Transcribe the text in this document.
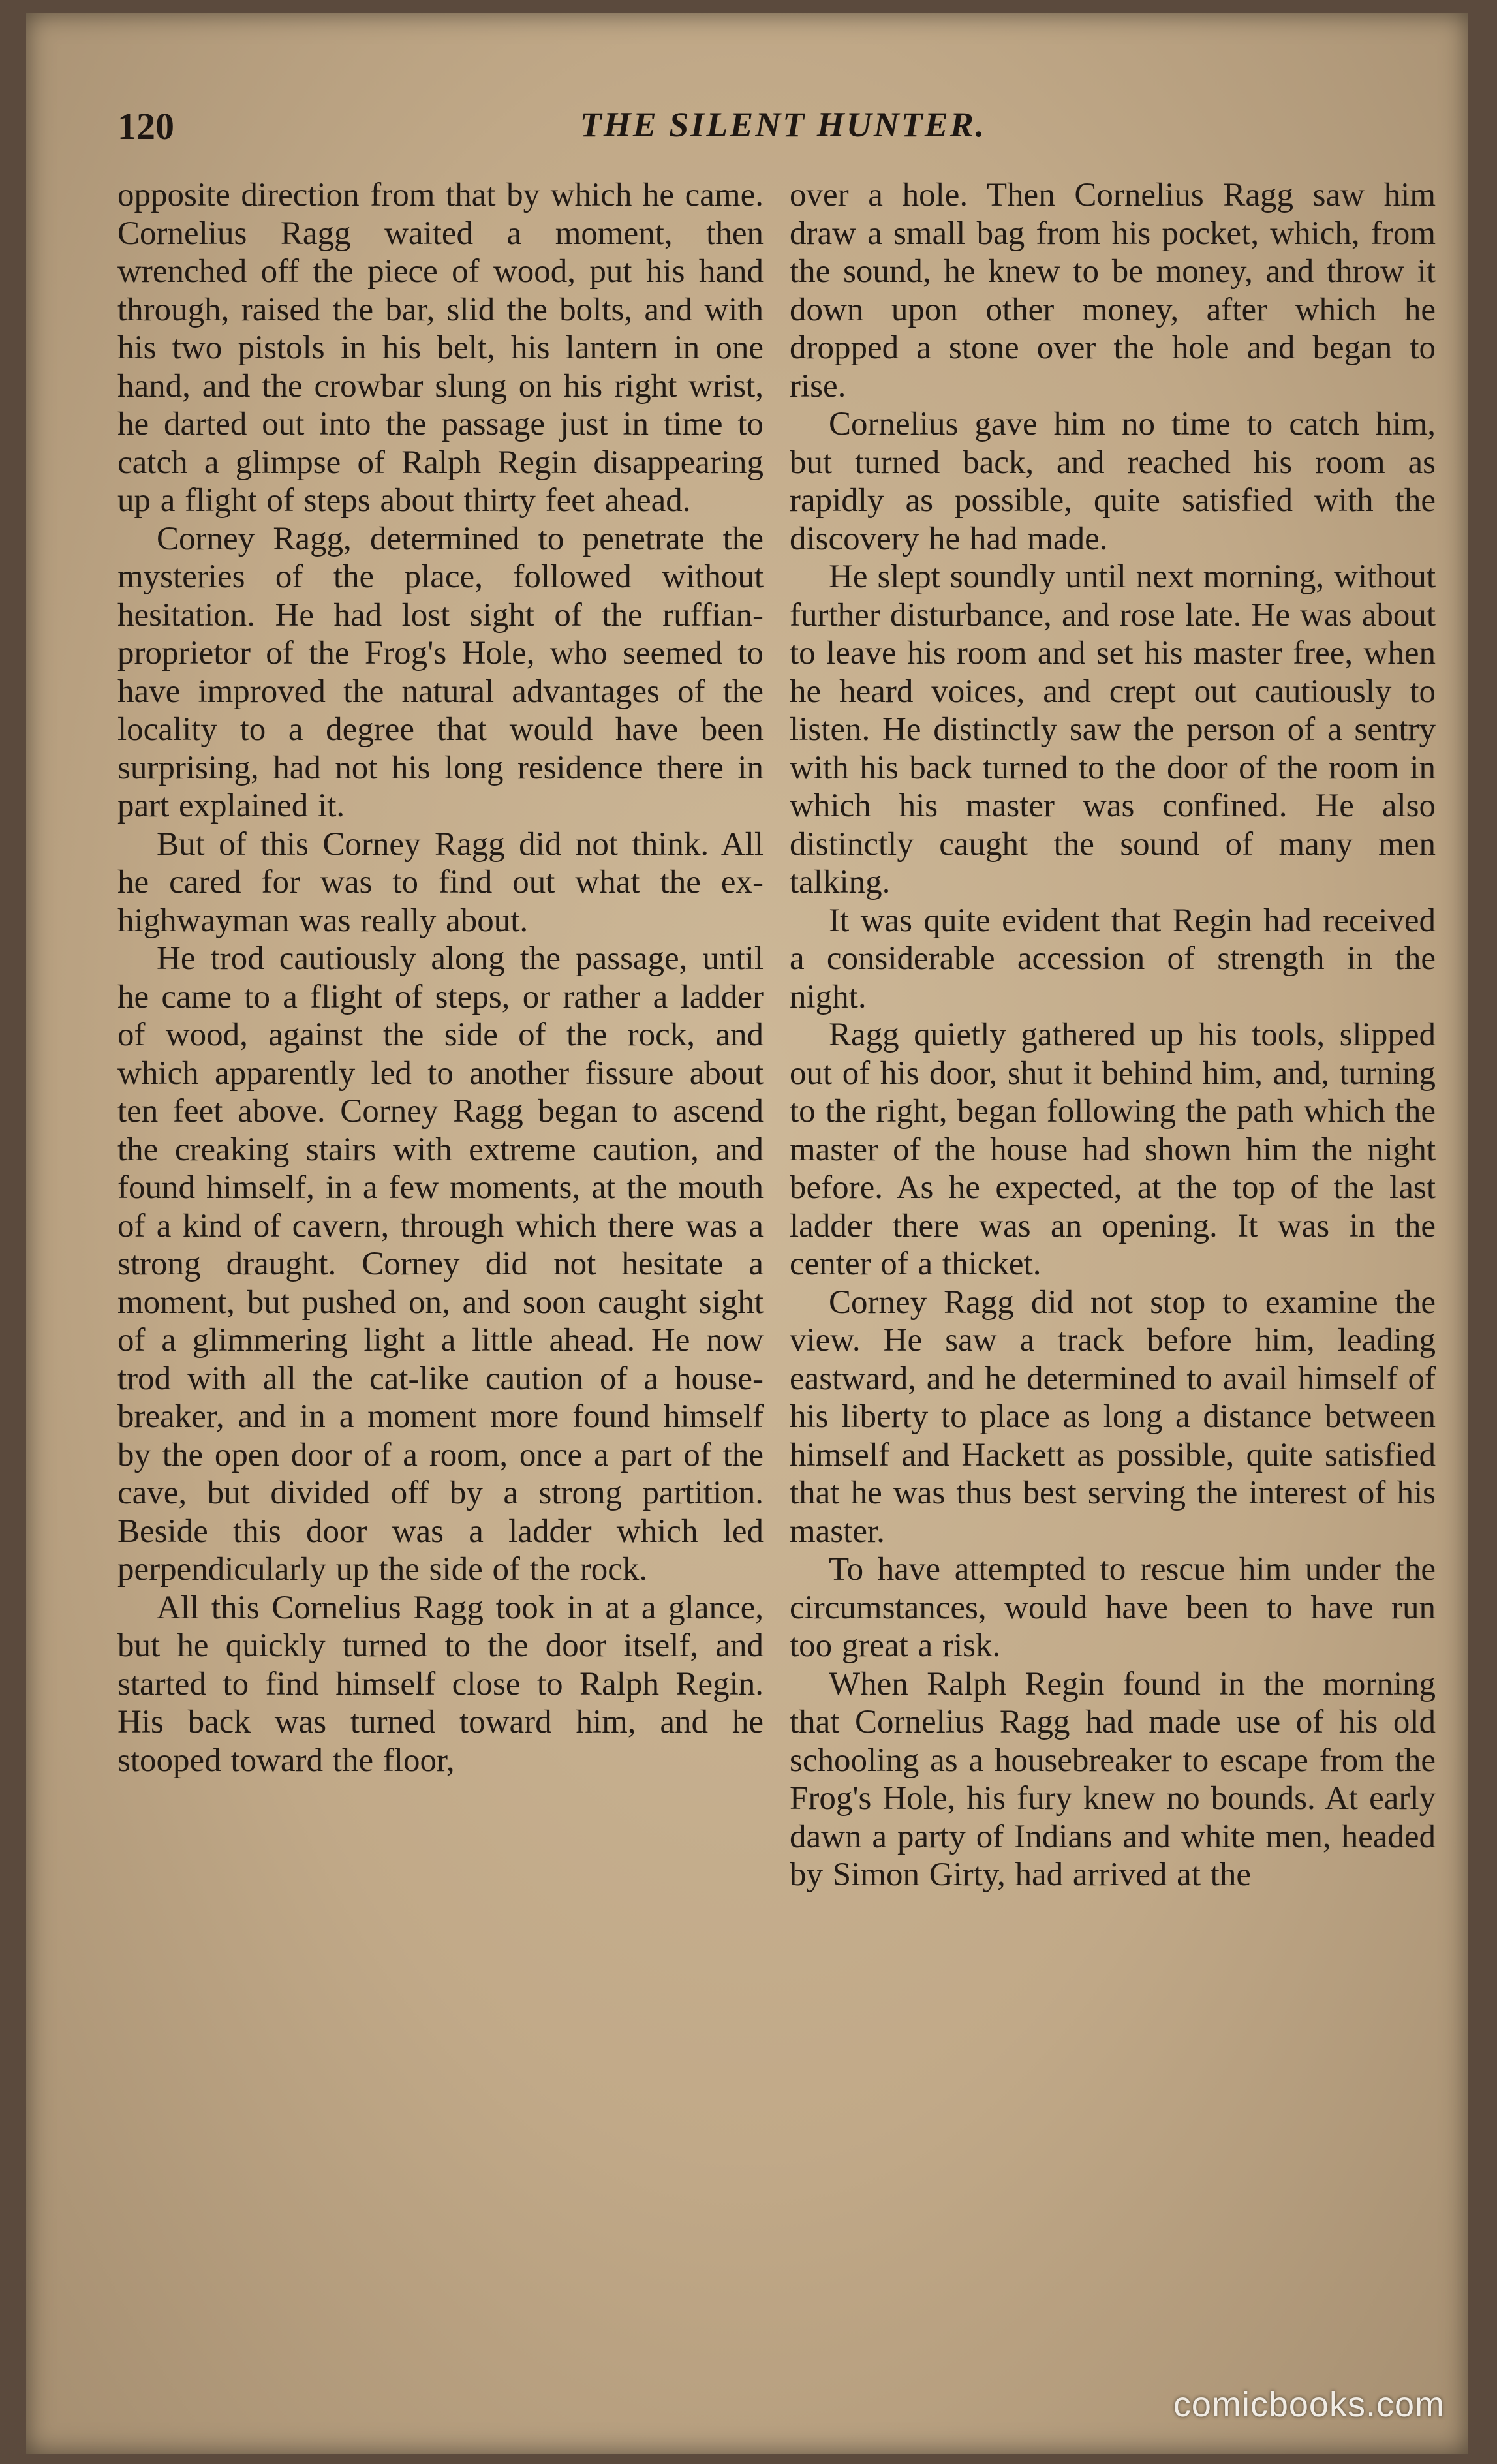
120	THE SILENT HUNTER.

opposite direction from that by which he came. Cornelius Ragg waited a moment, then wrenched off the piece of wood, put his hand through, raised the bar, slid the bolts, and with his two pistols in his belt, his lantern in one hand, and the crowbar slung on his right wrist, he darted out into the passage just in time to catch a glimpse of Ralph Regin disappearing up a flight of steps about thirty feet ahead.

Corney Ragg, determined to penetrate the mysteries of the place, followed without hesitation. He had lost sight of the ruffian-proprietor of the Frog's Hole, who seemed to have improved the natural advantages of the locality to a degree that would have been surprising, had not his long residence there in part explained it.

But of this Corney Ragg did not think. All he cared for was to find out what the ex-highwayman was really about.

He trod cautiously along the passage, until he came to a flight of steps, or rather a ladder of wood, against the side of the rock, and which apparently led to another fissure about ten feet above. Corney Ragg began to ascend the creaking stairs with extreme caution, and found himself, in a few moments, at the mouth of a kind of cavern, through which there was a strong draught. Corney did not hesitate a moment, but pushed on, and soon caught sight of a glimmering light a little ahead. He now trod with all the cat-like caution of a house-breaker, and in a moment more found himself by the open door of a room, once a part of the cave, but divided off by a strong partition. Beside this door was a ladder which led perpendicularly up the side of the rock.

All this Cornelius Ragg took in at a glance, but he quickly turned to the door itself, and started to find himself close to Ralph Regin. His back was turned toward him, and he stooped toward the floor,

over a hole. Then Cornelius Ragg saw him draw a small bag from his pocket, which, from the sound, he knew to be money, and throw it down upon other money, after which he dropped a stone over the hole and began to rise.

Cornelius gave him no time to catch him, but turned back, and reached his room as rapidly as possible, quite satisfied with the discovery he had made.

He slept soundly until next morning, without further disturbance, and rose late. He was about to leave his room and set his master free, when he heard voices, and crept out cautiously to listen. He distinctly saw the person of a sentry with his back turned to the door of the room in which his master was confined. He also distinctly caught the sound of many men talking.

It was quite evident that Regin had received a considerable accession of strength in the night.

Ragg quietly gathered up his tools, slipped out of his door, shut it behind him, and, turning to the right, began following the path which the master of the house had shown him the night before. As he expected, at the top of the last ladder there was an opening. It was in the center of a thicket.

Corney Ragg did not stop to examine the view. He saw a track before him, leading eastward, and he determined to avail himself of his liberty to place as long a distance between himself and Hackett as possible, quite satisfied that he was thus best serving the interest of his master.

To have attempted to rescue him under the circumstances, would have been to have run too great a risk.

When Ralph Regin found in the morning that Cornelius Ragg had made use of his old schooling as a housebreaker to escape from the Frog's Hole, his fury knew no bounds. At early dawn a party of Indians and white men, headed by Simon Girty, had arrived at the

comicbooks.com
